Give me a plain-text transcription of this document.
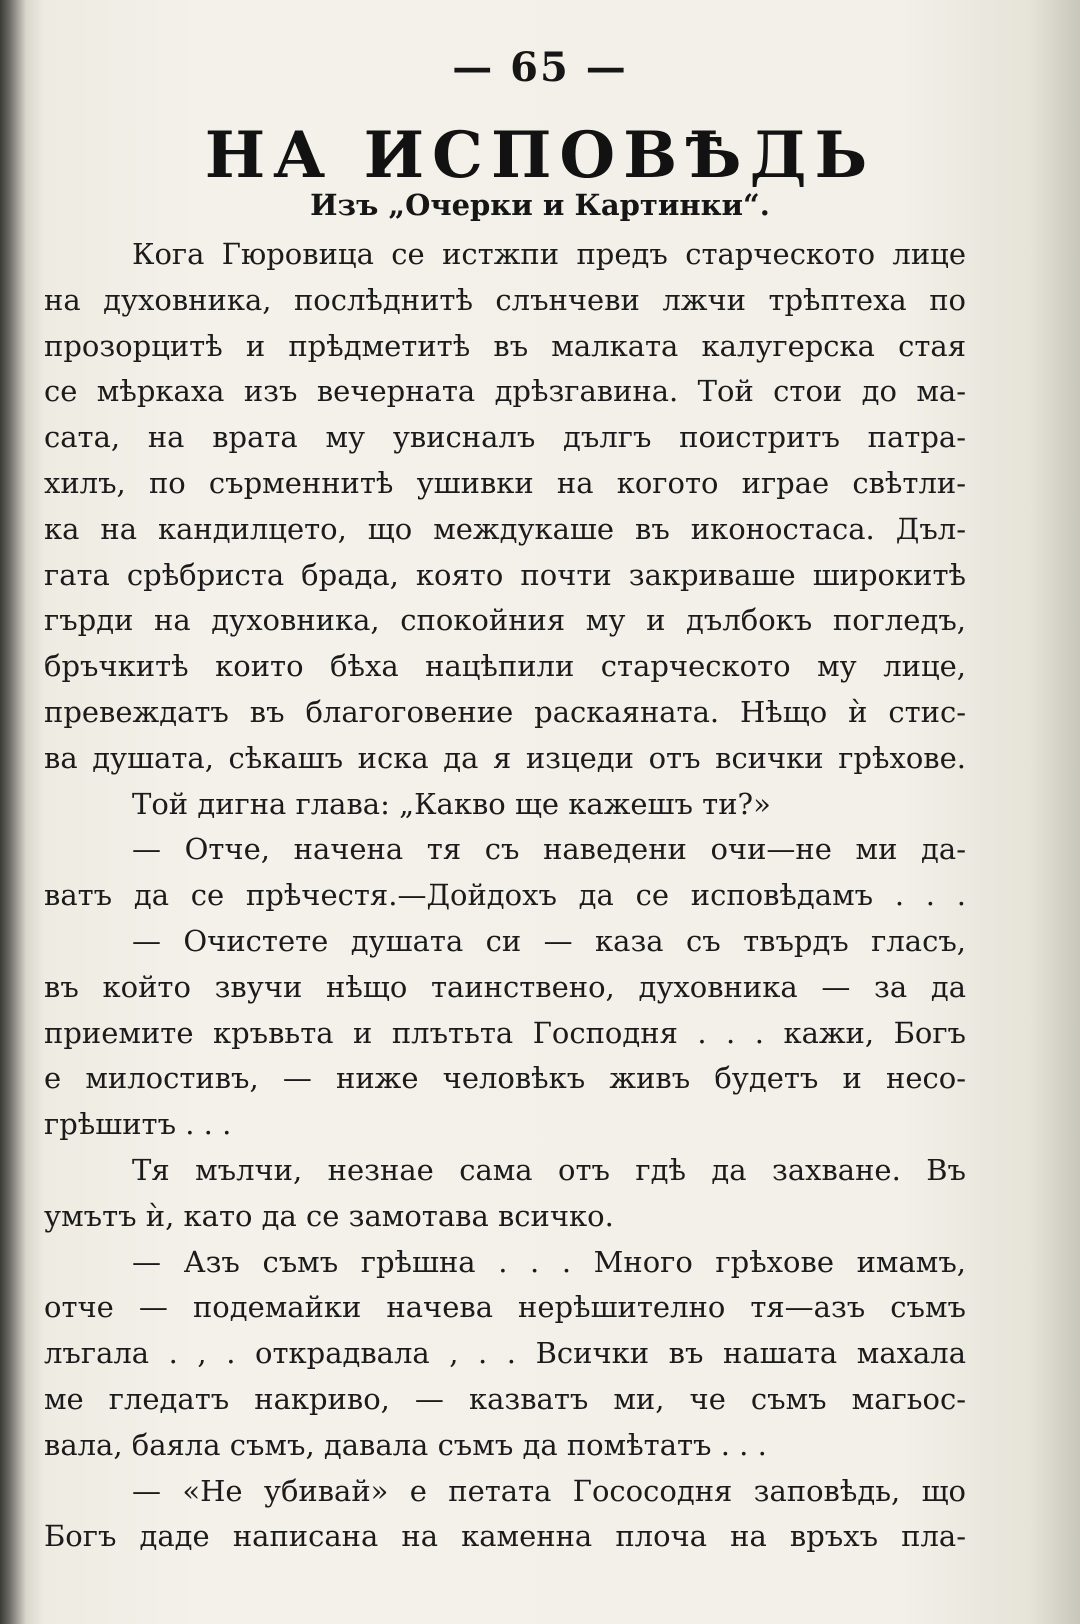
— 65 —
НА ИСПОВѢДЬ
Изъ „Очерки и Картинки“.
Кога Гюровица се истжпи предъ старческото лице
на духовника, послѣднитѣ слънчеви лжчи трѣптеха по
прозорцитѣ и прѣдметитѣ въ малката калугерска стая
се мѣркаха изъ вечерната дрѣзгавина. Той стои до ма-
сата, на врата му увисналъ дългъ поистритъ патра-
хилъ, по сърменнитѣ ушивки на когото играе свѣтли-
ка на кандилцето, що междукаше въ иконостаса. Дъл-
гата срѣбриста брада, която почти закриваше широкитѣ
гърди на духовника, спокойния му и дълбокъ погледъ,
бръчкитѣ които бѣха нацѣпили старческото му лице,
превеждатъ въ благоговение раскаяната. Нѣщо ѝ стис-
ва душата, сѣкашъ иска да я изцеди отъ всички грѣхове.
Той дигна глава: „Какво ще кажешъ ти?»
— Отче, начена тя съ наведени очи—не ми да-
ватъ да се прѣчестя.—Дойдохъ да се исповѣдамъ . . .
— Очистете душата си — каза съ твърдъ гласъ,
въ който звучи нѣщо таинствено, духовника — за да
приемите кръвьта и плътьта Господня . . . кажи, Богъ
е милостивъ, — ниже человѣкъ живъ будетъ и несо-
грѣшитъ . . .
Тя мълчи, незнае сама отъ гдѣ да захване. Въ
умътъ ѝ, като да се замотава всичко.
— Азъ съмъ грѣшна . . . Много грѣхове имамъ,
отче — подемайки начева нерѣшително тя—азъ съмъ
лъгала . , . открадвала , . . Всички въ нашата махала
ме гледатъ накриво, — казватъ ми, че съмъ магьос-
вала, баяла съмъ, давала съмъ да помѣтатъ . . .
— «Не убивай» е петата Гососодня заповѣдь, що
Богъ даде написана на каменна плоча на връхъ пла-
